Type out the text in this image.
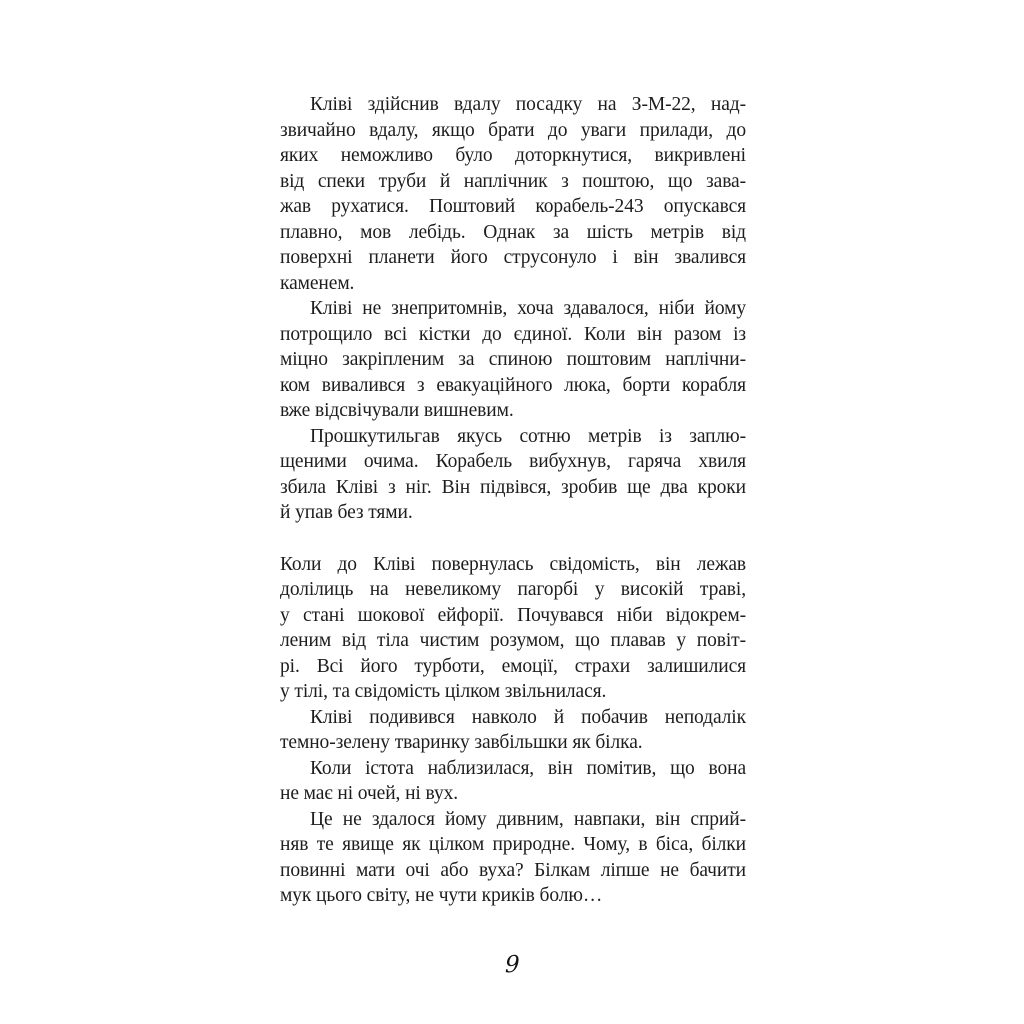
Кліві здійснив вдалу посадку на З-М-22, над-
звичайно вдалу, якщо брати до уваги прилади, до
яких неможливо було доторкнутися, викривлені
від спеки труби й наплічник з поштою, що зава-
жав рухатися. Поштовий корабель-243 опускався
плавно, мов лебідь. Однак за шість метрів від
поверхні планети його струсонуло і він звалився
каменем.
Кліві не знепритомнів, хоча здавалося, ніби йому
потрощило всі кістки до єдиної. Коли він разом із
міцно закріпленим за спиною поштовим наплічни-
ком вивалився з евакуаційного люка, борти корабля
вже відсвічували вишневим.
Прошкутильгав якусь сотню метрів із заплю-
щеними очима. Корабель вибухнув, гаряча хвиля
збила Кліві з ніг. Він підвівся, зробив ще два кроки
й упав без тями.
Коли до Кліві повернулась свідомість, він лежав
долілиць на невеликому пагорбі у високій траві,
у стані шокової ейфорії. Почувався ніби відокрем-
леним від тіла чистим розумом, що плавав у повіт-
рі. Всі його турботи, емоції, страхи залишилися
у тілі, та свідомість цілком звільнилася.
Кліві подивився навколо й побачив неподалік
темно-зелену тваринку завбільшки як білка.
Коли істота наблизилася, він помітив, що вона
не має ні очей, ні вух.
Це не здалося йому дивним, навпаки, він сприй-
няв те явище як цілком природне. Чому, в біса, білки
повинні мати очі або вуха? Білкам ліпше не бачити
мук цього світу, не чути криків болю…
9
